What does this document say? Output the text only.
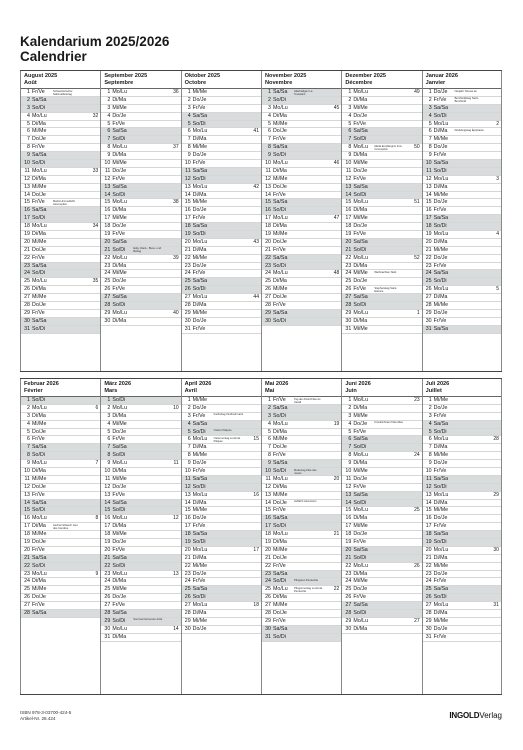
Kalendarium 2025/2026
Calendrier
August 2025
Août
1 Fr/Ve	Schweizerischer Nationalfeiertag
2 Sa/Sa
3 So/Di
4 Mo/Lu	32
5 Di/Ma
6 Mi/Me
7 Do/Je
8 Fr/Ve
9 Sa/Sa
10 So/Di
11 Mo/Lu	33
12 Di/Ma
13 Mi/Me
14 Do/Je
15 Fr/Ve	Mariä Himmelfahrt Assomption
16 Sa/Sa
17 So/Di
18 Mo/Lu	34
19 Di/Ma
20 Mi/Me
21 Do/Je
22 Fr/Ve
23 Sa/Sa
24 So/Di
25 Mo/Lu	35
26 Di/Ma
27 Mi/Me
28 Do/Je
29 Fr/Ve
30 Sa/Sa
31 So/Di
September 2025
Septembre
1 Mo/Lu	36
2 Di/Ma
3 Mi/Me
4 Do/Je
5 Fr/Ve
6 Sa/Sa
7 So/Di
8 Mo/Lu	37
9 Di/Ma
10 Mi/Me
11 Do/Je
12 Fr/Ve
13 Sa/Sa
14 So/Di
15 Mo/Lu	38
16 Di/Ma
17 Mi/Me
18 Do/Je
19 Fr/Ve
20 Sa/Sa
21 So/Di	Eidg. Dank-, Buss- und Bettag
22 Mo/Lu	39
23 Di/Ma
24 Mi/Me
25 Do/Je
26 Fr/Ve
27 Sa/Sa
28 So/Di
29 Mo/Lu	40
30 Di/Ma
Oktober 2025
Octobre
1 Mi/Me
2 Do/Je
3 Fr/Ve
4 Sa/Sa
5 So/Di
6 Mo/Lu	41
7 Di/Ma
8 Mi/Me
9 Do/Je
10 Fr/Ve
11 Sa/Sa
12 So/Di
13 Mo/Lu	42
14 Di/Ma
15 Mi/Me
16 Do/Je
17 Fr/Ve
18 Sa/Sa
19 So/Di
20 Mo/Lu	43
21 Di/Ma
22 Mi/Me
23 Do/Je
24 Fr/Ve
25 Sa/Sa
26 So/Di
27 Mo/Lu	44
28 Di/Ma
29 Mi/Me
30 Do/Je
31 Fr/Ve
November 2025
Novembre
1 Sa/Sa Allerheiligen La Toussaint
2 So/Di
3 Mo/Lu	45
4 Di/Ma
5 Mi/Me
6 Do/Je
7 Fr/Ve
8 Sa/Sa
9 So/Di
10 Mo/Lu	46
11 Di/Ma
12 Mi/Me
13 Do/Je
14 Fr/Ve
15 Sa/Sa
16 So/Di
17 Mo/Lu	47
18 Di/Ma
19 Mi/Me
20 Do/Je
21 Fr/Ve
22 Sa/Sa
23 So/Di
24 Mo/Lu	48
25 Di/Ma
26 Mi/Me
27 Do/Je
28 Fr/Ve
29 Sa/Sa
30 So/Di
Dezember 2025
Décembre
1 Mo/Lu	49
2 Di/Ma
3 Mi/Me
4 Do/Je
5 Fr/Ve
6 Sa/Sa
7 So/Di
8 Mo/Lu Mariä Empfängnis Imm. Conception	50
9 Di/Ma
10 Mi/Me
11 Do/Je
12 Fr/Ve
13 Sa/Sa
14 So/Di
15 Mo/Lu	51
16 Di/Ma
17 Mi/Me
18 Do/Je
19 Fr/Ve
20 Sa/Sa
21 So/Di
22 Mo/Lu	52
23 Di/Ma
24 Mi/Me Weihnachten Noël
25 Do/Je
26 Fr/Ve	Stephanstag Saint-Etienne
27 Sa/Sa
28 So/Di
29 Mo/Lu	1
30 Di/Ma
31 Mi/Me
Januar 2026
Janvier
1 Do/Je	Neujahr Nouvel an
2 Fr/Ve	Berchtoldstag Saint-Berchtold
3 Sa/Sa
4 So/Di
5 Mo/Lu	2
6 Di/Ma	Dreikönigstag Épiphanie
7 Mi/Me
8 Do/Je
9 Fr/Ve
10 Sa/Sa
11 So/Di
12 Mo/Lu	3
13 Di/Ma
14 Mi/Me
15 Do/Je
16 Fr/Ve
17 Sa/Sa
18 So/Di
19 Mo/Lu	4
20 Di/Ma
21 Mi/Me
22 Do/Je
23 Fr/Ve
24 Sa/Sa
25 So/Di
26 Mo/Lu	5
27 Di/Ma
28 Mi/Me
29 Do/Je
30 Fr/Ve
31 Sa/Sa
Februar 2026
Février
1 So/Di
2 Mo/Lu	6
3 Di/Ma
4 Mi/Me
5 Do/Je
6 Fr/Ve
7 Sa/Sa
8 So/Di
9 Mo/Lu	7
10 Di/Ma
11 Mi/Me
12 Do/Je
13 Fr/Ve
14 Sa/Sa
15 So/Di
16 Mo/Lu	8
17 Di/Ma	Aschermittwoch Jour des Cendres
18 Mi/Me
19 Do/Je
20 Fr/Ve
21 Sa/Sa
22 So/Di
23 Mo/Lu	9
24 Di/Ma
25 Mi/Me
26 Do/Je
27 Fr/Ve
28 Sa/Sa
März 2026
Mars
1 So/Di
2 Mo/Lu	10
3 Di/Ma
4 Mi/Me
5 Do/Je
6 Fr/Ve
7 Sa/Sa
8 So/Di
9 Mo/Lu	11
10 Di/Ma
11 Mi/Me
12 Do/Je
13 Fr/Ve
14 Sa/Sa
15 So/Di
16 Mo/Lu	12
17 Di/Ma
18 Mi/Me
19 Do/Je
20 Fr/Ve
21 Sa/Sa
22 So/Di
23 Mo/Lu	13
24 Di/Ma
25 Mi/Me
26 Do/Je
27 Fr/Ve
28 Sa/Sa
29 So/Di	Sommerzeit Heure d'été
30 Mo/Lu	14
31 Di/Ma
April 2026
Avril
1 Mi/Me
2 Do/Je
3 Fr/Ve	Karfreitag Vendredi saint
4 Sa/Sa
5 So/Di	Ostern Pâques
6 Mo/Lu Ostermontag Lundi de Pâques	15
7 Di/Ma
8 Mi/Me
9 Do/Je
10 Fr/Ve
11 Sa/Sa
12 So/Di
13 Mo/Lu	16
14 Di/Ma
15 Mi/Me
16 Do/Je
17 Fr/Ve
18 Sa/Sa
19 So/Di
20 Mo/Lu	17
21 Di/Ma
22 Mi/Me
23 Do/Je
24 Fr/Ve
25 Sa/Sa
26 So/Di
27 Mo/Lu	18
28 Di/Ma
29 Mi/Me
30 Do/Je
Mai 2026
Mai
1 Fr/Ve	Tag der Arbeit Fête du travail
2 Sa/Sa
3 So/Di
4 Mo/Lu	19
5 Di/Ma
6 Mi/Me
7 Do/Je
8 Fr/Ve
9 Sa/Sa
10 So/Di	Muttertag Fête des mères
11 Mo/Lu	20
12 Di/Ma
13 Mi/Me
14 Do/Je	Auffahrt Ascension
15 Fr/Ve
16 Sa/Sa
17 So/Di
18 Mo/Lu	21
19 Di/Ma
20 Mi/Me
21 Do/Je
22 Fr/Ve
23 Sa/Sa
24 So/Di	Pfingsten Pentecôte
25 Mo/Lu Pfingstmontag Lundi de Pentecôte	22
26 Di/Ma
27 Mi/Me
28 Do/Je
29 Fr/Ve
30 Sa/Sa
31 So/Di
Juni 2026
Juin
1 Mo/Lu	23
2 Di/Ma
3 Mi/Me
4 Do/Je	Fronleichnam Fête-Dieu
5 Fr/Ve
6 Sa/Sa
7 So/Di
8 Mo/Lu	24
9 Di/Ma
10 Mi/Me
11 Do/Je
12 Fr/Ve
13 Sa/Sa
14 So/Di
15 Mo/Lu	25
16 Di/Ma
17 Mi/Me
18 Do/Je
19 Fr/Ve
20 Sa/Sa
21 So/Di
22 Mo/Lu	26
23 Di/Ma
24 Mi/Me
25 Do/Je
26 Fr/Ve
27 Sa/Sa
28 So/Di
29 Mo/Lu	27
30 Di/Ma
Juli 2026
Juillet
1 Mi/Me
2 Do/Je
3 Fr/Ve
4 Sa/Sa
5 So/Di
6 Mo/Lu	28
7 Di/Ma
8 Mi/Me
9 Do/Je
10 Fr/Ve
11 Sa/Sa
12 So/Di
13 Mo/Lu	29
14 Di/Ma
15 Mi/Me
16 Do/Je
17 Fr/Ve
18 Sa/Sa
19 So/Di
20 Mo/Lu	30
21 Di/Ma
22 Mi/Me
23 Do/Je
24 Fr/Ve
25 Sa/Sa
26 So/Di
27 Mo/Lu	31
28 Di/Ma
29 Mi/Me
30 Do/Je
31 Fr/Ve
ISBN 978-3-03700-424-5
Artikel-Nr. 28.424	INGOLDVerlag
